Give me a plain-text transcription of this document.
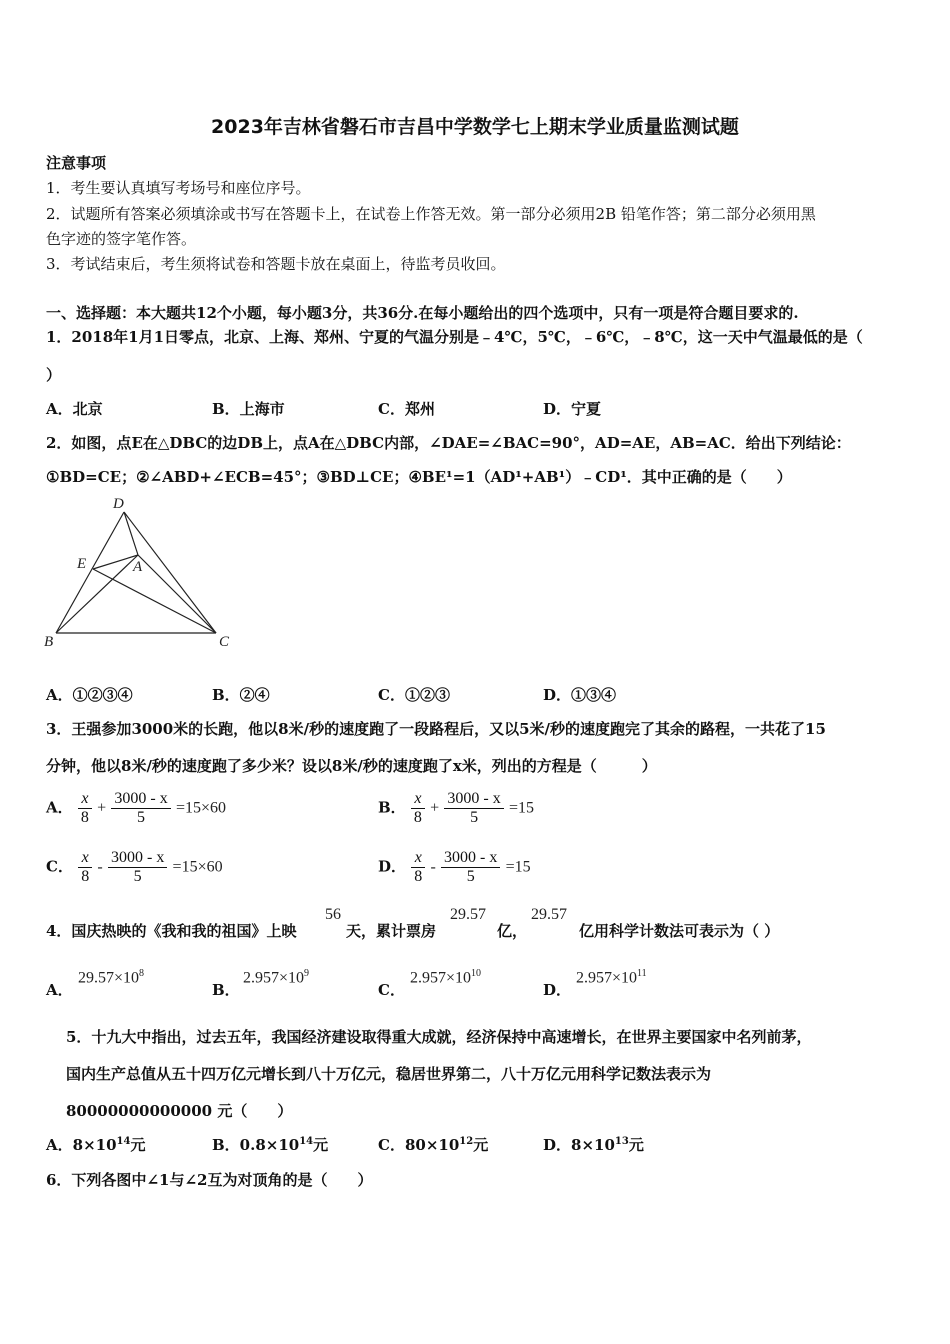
2023年吉林省磐石市吉昌中学数学七上期末学业质量监测试题
注意事项
1．考生要认真填写考场号和座位序号。
2．试题所有答案必须填涂或书写在答题卡上，在试卷上作答无效。第一部分必须用2B 铅笔作答；第二部分必须用黑
色字迹的签字笔作答。
3．考试结束后，考生须将试卷和答题卡放在桌面上，待监考员收回。
一、选择题：本大题共12个小题，每小题3分，共36分.在每小题给出的四个选项中，只有一项是符合题目要求的.
1．2018年1月1日零点，北京、上海、郑州、宁夏的气温分别是﹣4℃，5℃，﹣6℃，﹣8℃，这一天中气温最低的是（
）
A．北京	B．上海市	C．郑州	D．宁夏
2．如图，点E在△DBC的边DB上，点A在△DBC内部，∠DAE=∠BAC=90°，AD=AE，AB=AC．给出下列结论：
①BD=CE；②∠ABD+∠ECB=45°；③BD⊥CE；④BE¹=1（AD¹+AB¹）﹣CD¹．其中正确的是（　　）
D
E	A
B	C
A．①②③④	B．②④	C．①②③	D．①③④
3．王强参加3000米的长跑，他以8米/秒的速度跑了一段路程后，又以5米/秒的速度跑完了其余的路程，一共花了15
分钟，他以8米/秒的速度跑了多少米？设以8米/秒的速度跑了x米，列出的方程是（　　　）
A． $\frac{x}{8} + \frac{3000 - x}{5} =15\times 60$	B． $\frac{x}{8} + \frac{3000 - x}{5} =15$
C． $\frac{x}{8} - \frac{3000 - x}{5} =15\times 60$	D． $\frac{x}{8} - \frac{3000 - x}{5} =15$
4．国庆热映的《我和我的祖国》上映
56
天，累计票房
29.57
亿，
29.57
亿用科学计数法可表示为（ ）
A．
$29.57\times 10^8$
B．
$2.957\times 10^9$
C．
$2.957\times 10^{10}$
D．
$2.957\times 10^{11}$
5．十九大中指出，过去五年，我国经济建设取得重大成就，经济保持中高速增长，在世界主要国家中名列前茅，
国内生产总值从五十四万亿元增长到八十万亿元，稳居世界第二，八十万亿元用科学记数法表示为
80000000000000 元（　　）
A．$8\times 10^{14}$元	B．$0.8\times 10^{14}$元	C．$80\times 10^{12}$元	D．$8\times 10^{13}$元
6．下列各图中∠1与∠2互为对顶角的是（　　）
